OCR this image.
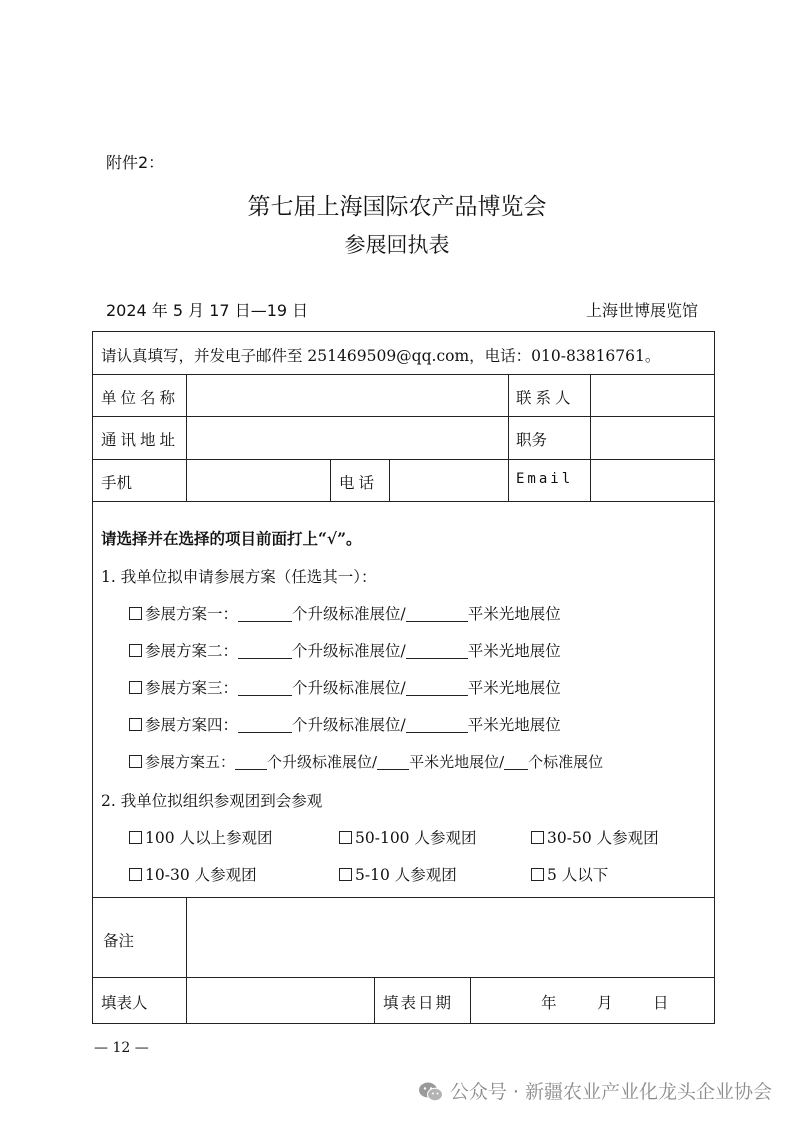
附件2：
第七届上海国际农产品博览会
参展回执表
2024 年 5 月 17 日—19 日	上海世博展览馆
请认真填写，并发电子邮件至 251469509@qq.com，电话：010-83816761。
单位名称	联系人
通讯地址	职务
手机	电话	Email
请选择并在选择的项目前面打上“√”。
1. 我单位拟申请参展方案（任选其一）：
参展方案一：	个升级标准展位/	平米光地展位
参展方案二：	个升级标准展位/	平米光地展位
参展方案三：	个升级标准展位/	平米光地展位
参展方案四：	个升级标准展位/	平米光地展位
参展方案五： 个升级标准展位/ 平米光地展位/ 个标准展位
2. 我单位拟组织参观团到会参观
100 人以上参观团	50-100 人参观团	30-50 人参观团
10-30 人参观团	5-10 人参观团	5 人以下
备注
填表人	填表日期	年	月	日
— 12 —
公众号 · 新疆农业产业化龙头企业协会
